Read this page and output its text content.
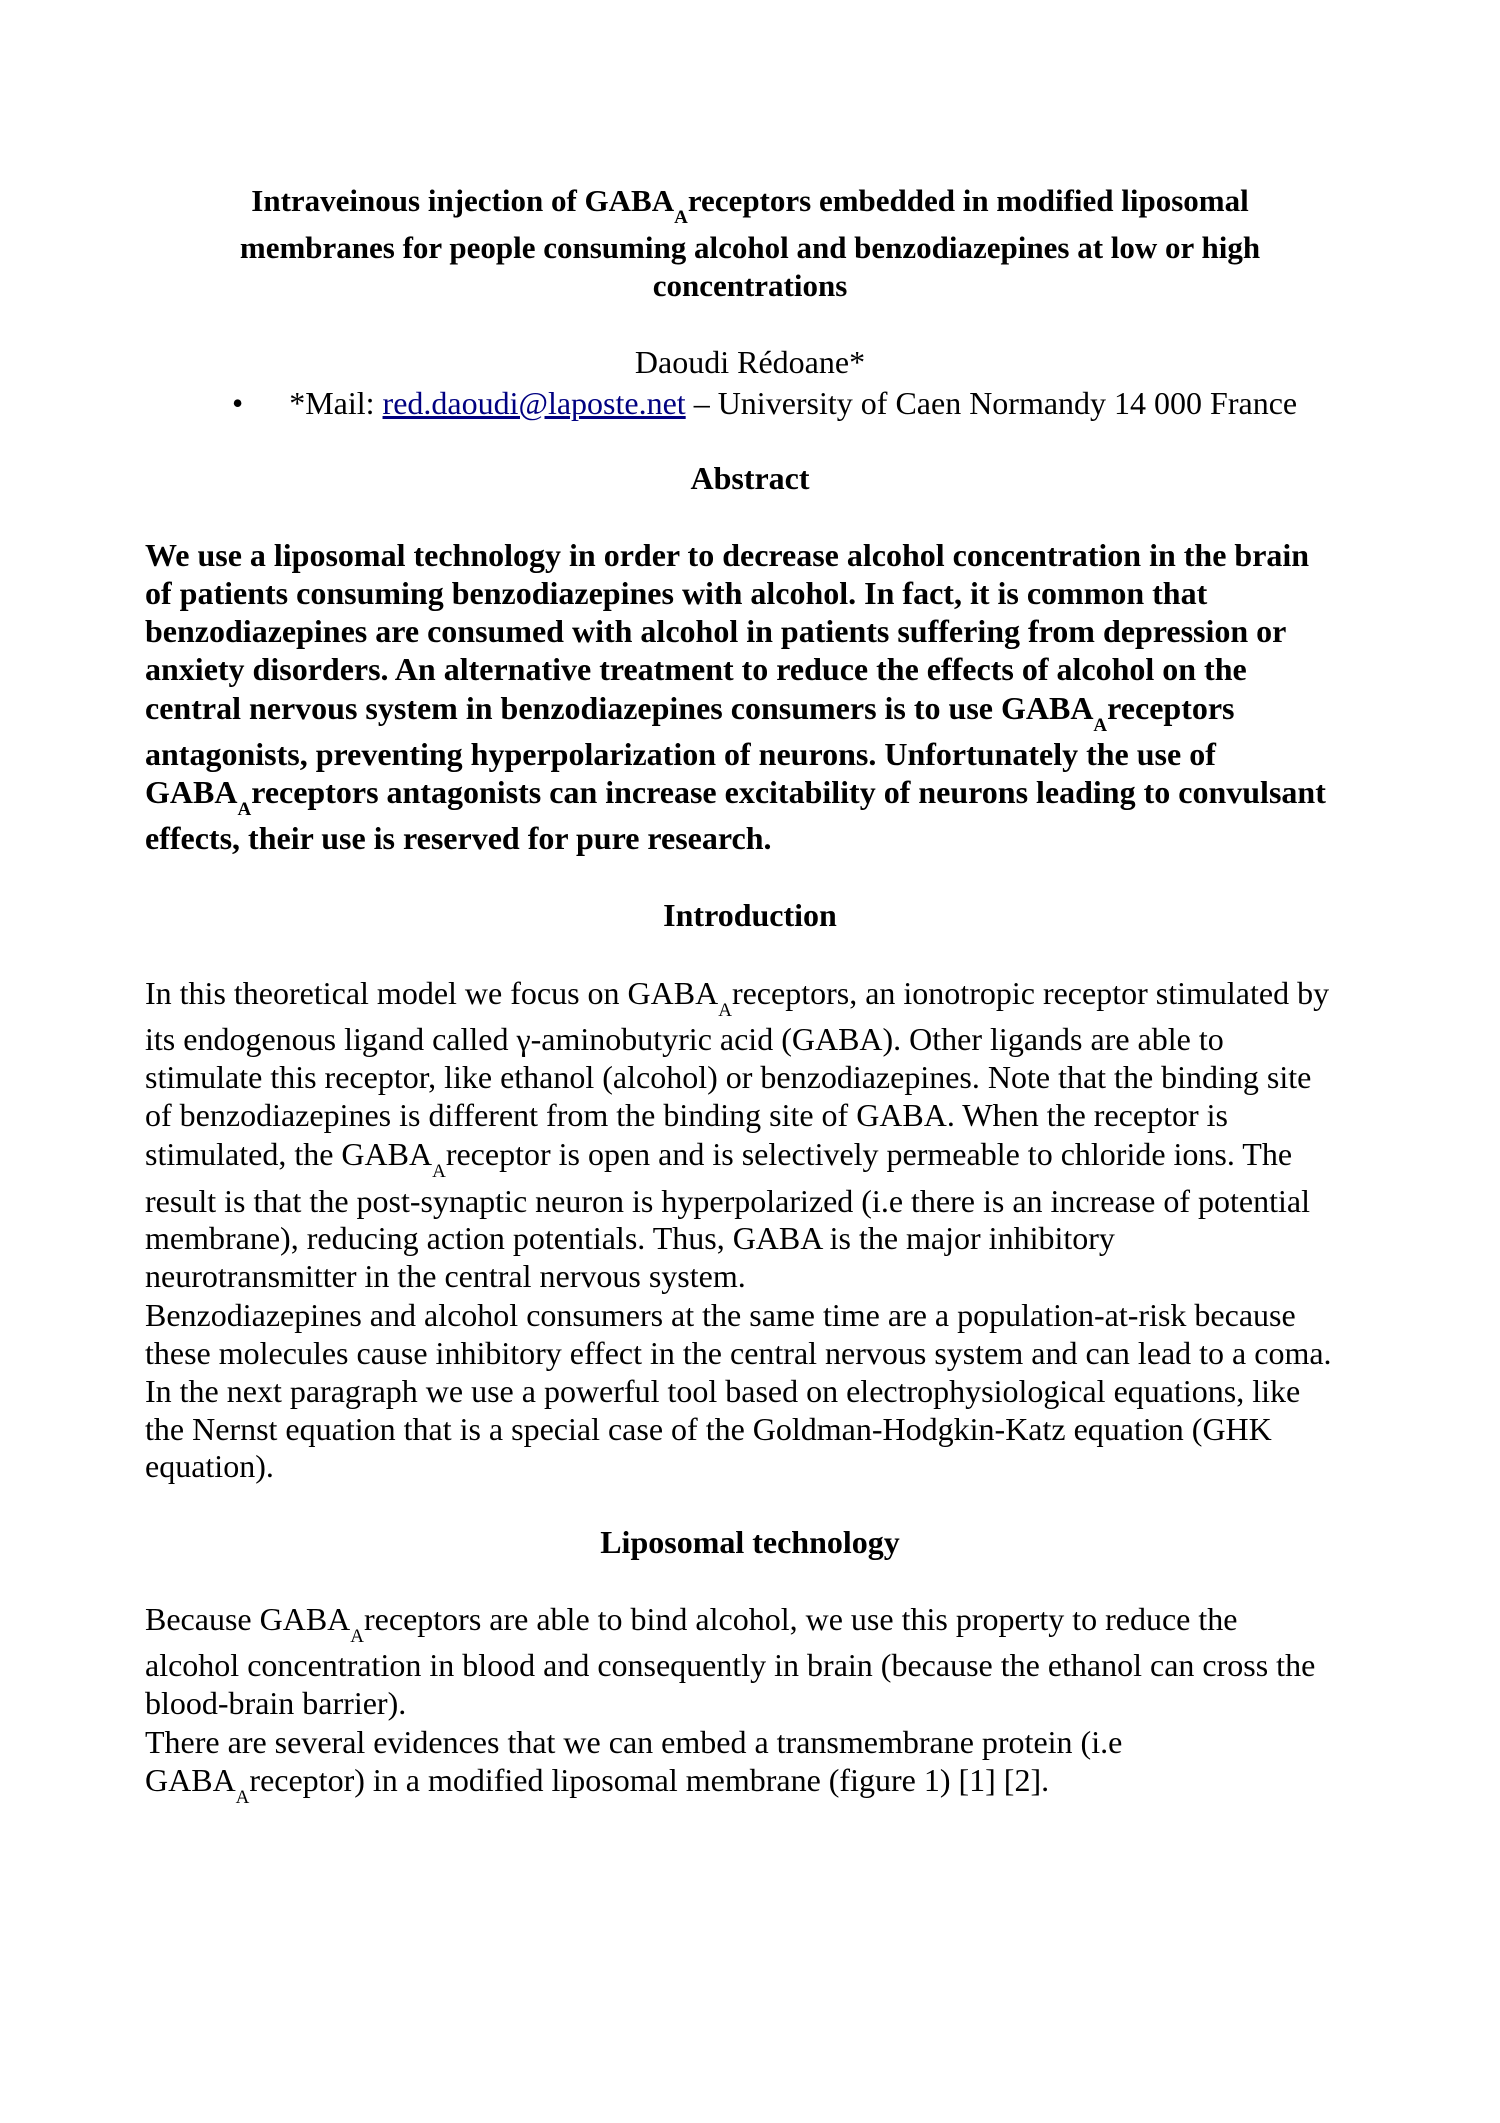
Intraveinous injection of $GABA_Areceptors$ embedded in modified liposomal
membranes for people consuming alcohol and benzodiazepines at low or high
concentrations
Daoudi Rédoane*
• *Mail: red.daoudi@laposte.net – University of Caen Normandy 14 000 France
Abstract
We use a liposomal technology in order to decrease alcohol concentration in the brain
of patients consuming benzodiazepines with alcohol. In fact, it is common that
benzodiazepines are consumed with alcohol in patients suffering from depression or
anxiety disorders. An alternative treatment to reduce the effects of alcohol on the
central nervous system in benzodiazepines consumers is to use $GABA_Areceptors$
antagonists, preventing hyperpolarization of neurons. Unfortunately the use of
$GABA_Areceptors$ antagonists can increase excitability of neurons leading to convulsant
effects, their use is reserved for pure research.
Introduction
In this theoretical model we focus on $GABA_Areceptors$, an ionotropic receptor stimulated by
its endogenous ligand called γ-aminobutyric acid (GABA). Other ligands are able to
stimulate this receptor, like ethanol (alcohol) or benzodiazepines. Note that the binding site
of benzodiazepines is different from the binding site of GABA. When the receptor is
stimulated, the $GABA_Areceptor$ is open and is selectively permeable to chloride ions. The
result is that the post-synaptic neuron is hyperpolarized (i.e there is an increase of potential
membrane), reducing action potentials. Thus, GABA is the major inhibitory
neurotransmitter in the central nervous system.
Benzodiazepines and alcohol consumers at the same time are a population-at-risk because
these molecules cause inhibitory effect in the central nervous system and can lead to a coma.
In the next paragraph we use a powerful tool based on electrophysiological equations, like
the Nernst equation that is a special case of the Goldman-Hodgkin-Katz equation (GHK
equation).
Liposomal technology
Because $GABA_Areceptors$ are able to bind alcohol, we use this property to reduce the
alcohol concentration in blood and consequently in brain (because the ethanol can cross the
blood-brain barrier).
There are several evidences that we can embed a transmembrane protein (i.e
$GABA_Areceptor$) in a modified liposomal membrane (figure 1) [1] [2].
